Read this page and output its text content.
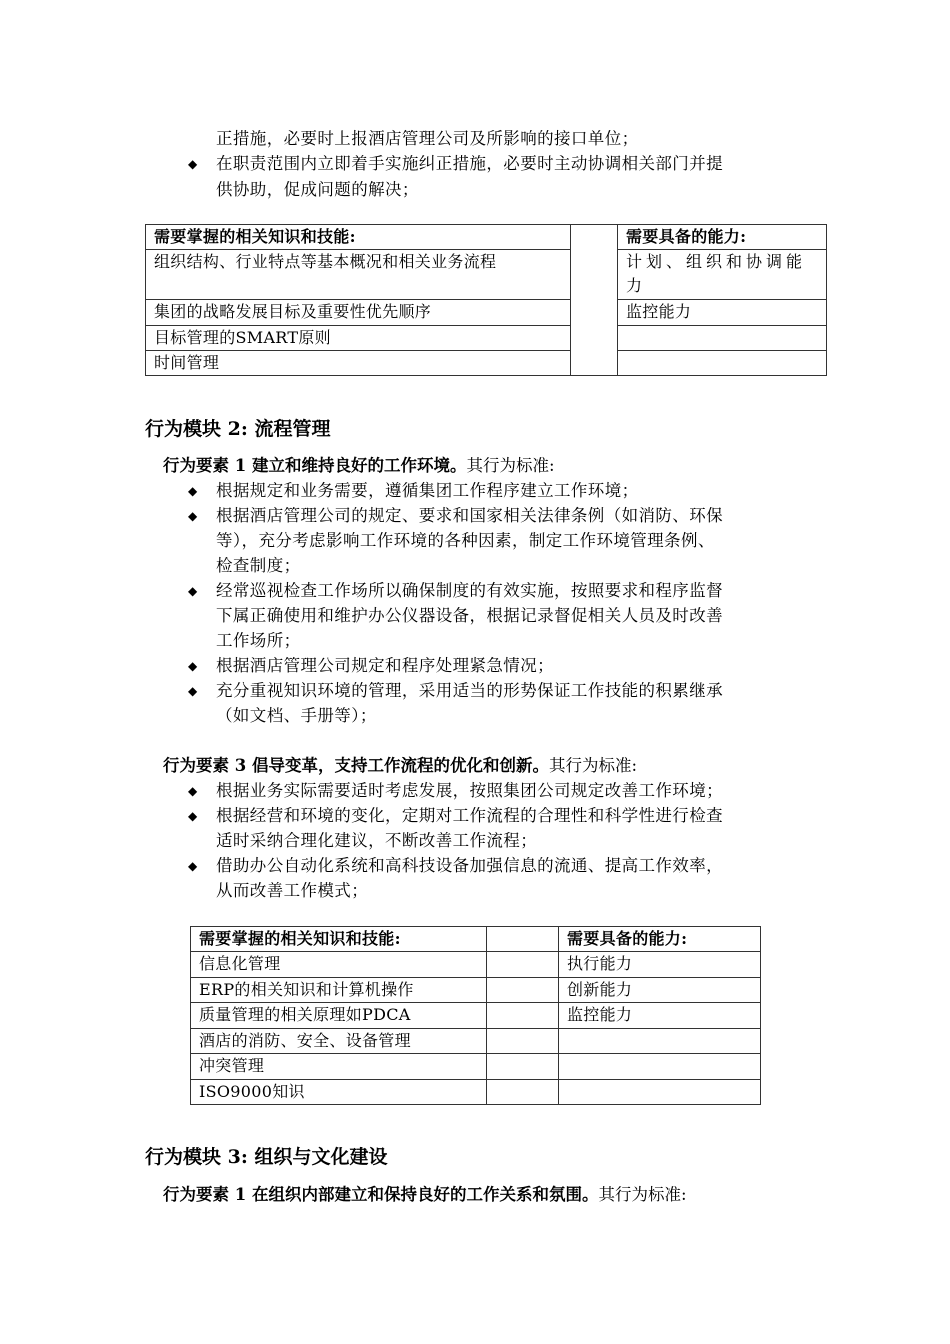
正措施，必要时上报酒店管理公司及所影响的接口单位；
◆ 在职责范围内立即着手实施纠正措施，必要时主动协调相关部门并提
供协助，促成问题的解决；
需要掌握的相关知识和技能:		需要具备的能力:
组织结构、行业特点等基本概况和相关业务流程		计划、组织和协调能力
集团的战略发展目标及重要性优先顺序		监控能力
目标管理的SMART原则		
时间管理		
行为模块 2: 流程管理
行为要素 1 建立和维持良好的工作环境。其行为标准:
◆ 根据规定和业务需要，遵循集团工作程序建立工作环境；
◆ 根据酒店管理公司的规定、要求和国家相关法律条例（如消防、环保
等），充分考虑影响工作环境的各种因素，制定工作环境管理条例、
检查制度；
◆ 经常巡视检查工作场所以确保制度的有效实施，按照要求和程序监督
下属正确使用和维护办公仪器设备，根据记录督促相关人员及时改善
工作场所；
◆ 根据酒店管理公司规定和程序处理紧急情况；
◆ 充分重视知识环境的管理，采用适当的形势保证工作技能的积累继承
（如文档、手册等）；
行为要素 3 倡导变革，支持工作流程的优化和创新。其行为标准:
◆ 根据业务实际需要适时考虑发展，按照集团公司规定改善工作环境；
◆ 根据经营和环境的变化，定期对工作流程的合理性和科学性进行检查
适时采纳合理化建议，不断改善工作流程；
◆ 借助办公自动化系统和高科技设备加强信息的流通、提高工作效率，
从而改善工作模式；
需要掌握的相关知识和技能:		需要具备的能力:
信息化管理		执行能力
ERP的相关知识和计算机操作		创新能力
质量管理的相关原理如PDCA		监控能力
酒店的消防、安全、设备管理		
冲突管理		
ISO9000知识		
行为模块 3: 组织与文化建设
行为要素 1 在组织内部建立和保持良好的工作关系和氛围。其行为标准:
